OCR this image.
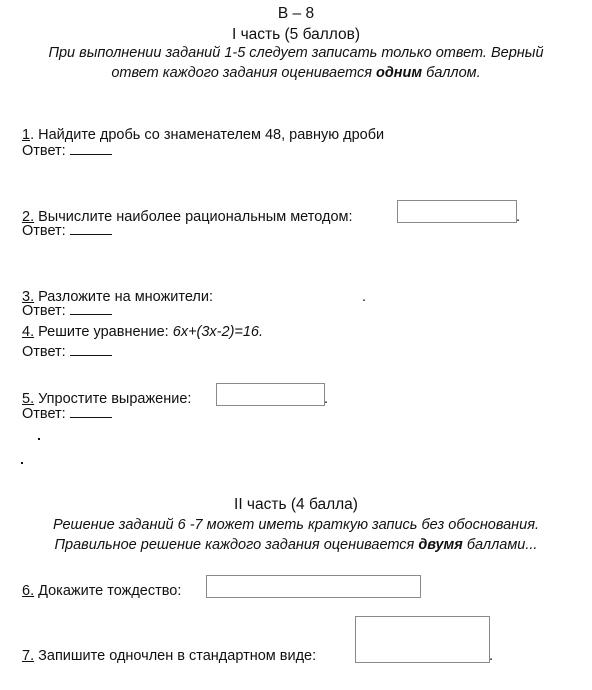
В – 8
I часть (5 баллов)
При выполнении заданий 1-5 следует записать только ответ. Верный
ответ каждого задания оценивается одним баллом.
1. Найдите дробь со знаменателем 48, равную дроби
Ответ:
2. Вычислите наиболее рациональным методом:	.
Ответ:
3. Разложите на множители:	.
Ответ:
4. Решите уравнение: 6х+(3х-2)=16.
Ответ:
5. Упростите выражение:	.
Ответ:
II часть (4 балла)
Решение заданий 6 -7 может иметь краткую запись без обоснования.
Правильное решение каждого задания оценивается двумя баллами...
6. Докажите тождество:
7. Запишите одночлен в стандартном виде:	.
